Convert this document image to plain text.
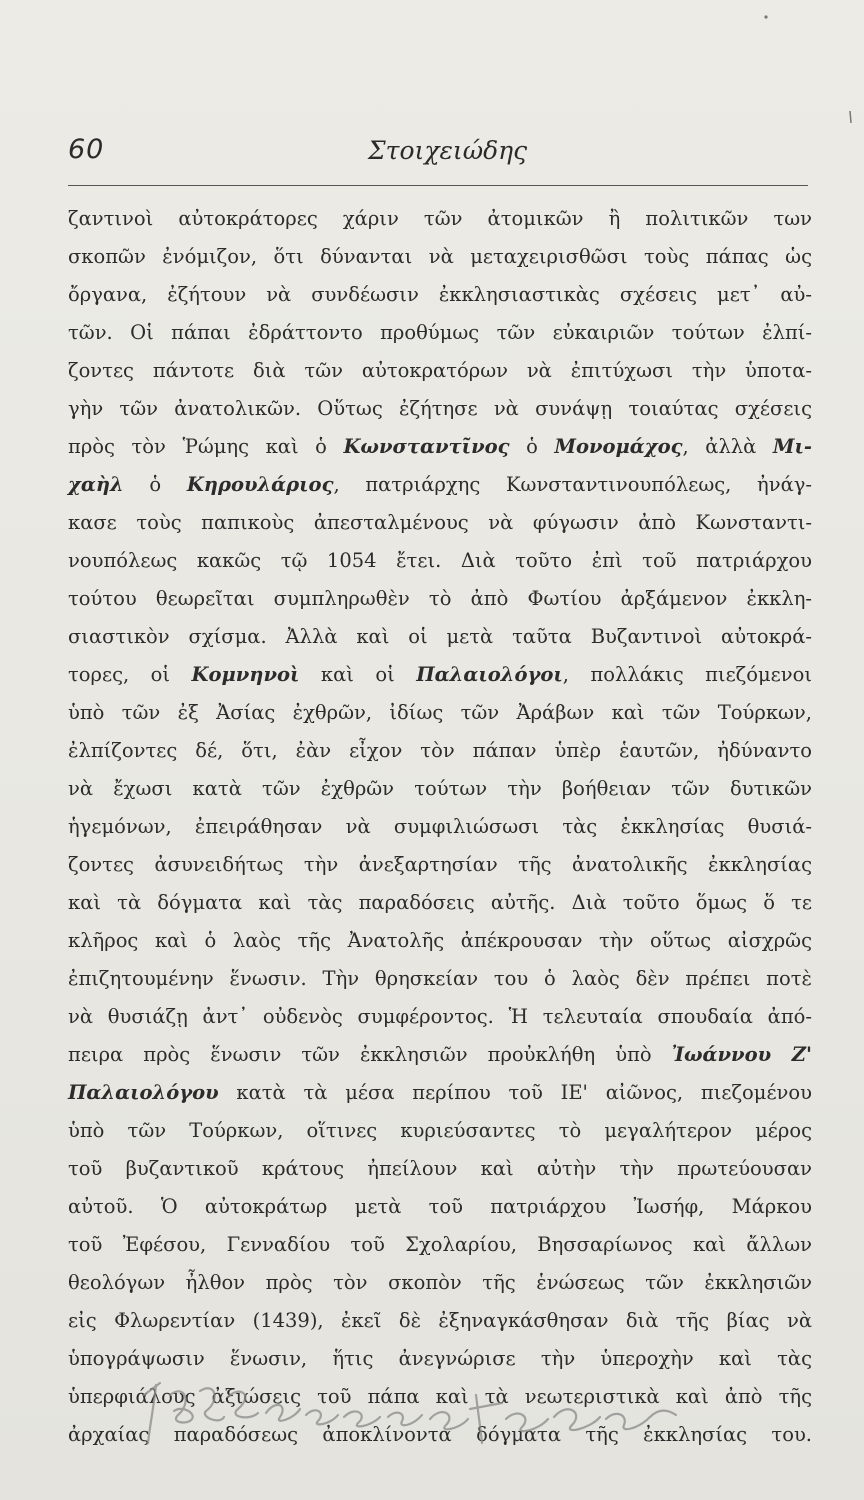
60	Στοιχειώδης
ζαντινοὶ αὐτοκράτορες χάριν τῶν ἀτομικῶν ἢ πολιτικῶν των
σκοπῶν ἐνόμιζον, ὅτι δύνανται νὰ μεταχειρισθῶσι τοὺς πάπας ὡς
ὄργανα, ἐζήτουν νὰ συνδέωσιν ἐκκλησιαστικὰς σχέσεις μετ᾽ αὐ-
τῶν. Οἱ πάπαι ἐδράττοντο προθύμως τῶν εὐκαιριῶν τούτων ἐλπί-
ζοντες πάντοτε διὰ τῶν αὐτοκρατόρων νὰ ἐπιτύχωσι τὴν ὑποτα-
γὴν τῶν ἀνατολικῶν. Οὕτως ἐζήτησε νὰ συνάψῃ τοιαύτας σχέσεις
πρὸς τὸν Ῥώμης καὶ ὁ Κωνσταντῖνος ὁ Μονομάχος, ἀλλὰ Μι-
χαὴλ ὁ Κηρουλάριος, πατριάρχης Κωνσταντινουπόλεως, ἠνάγ-
κασε τοὺς παπικοὺς ἀπεσταλμένους νὰ φύγωσιν ἀπὸ Κωνσταντι-
νουπόλεως κακῶς τῷ 1054 ἔτει. Διὰ τοῦτο ἐπὶ τοῦ πατριάρχου
τούτου θεωρεῖται συμπληρωθὲν τὸ ἀπὸ Φωτίου ἀρξάμενον ἐκκλη-
σιαστικὸν σχίσμα. Ἀλλὰ καὶ οἱ μετὰ ταῦτα Βυζαντινοὶ αὐτοκρά-
τορες, οἱ Κομνηνοὶ καὶ οἱ Παλαιολόγοι, πολλάκις πιεζόμενοι
ὑπὸ τῶν ἐξ Ἀσίας ἐχθρῶν, ἰδίως τῶν Ἀράβων καὶ τῶν Τούρκων,
ἐλπίζοντες δέ, ὅτι, ἐὰν εἶχον τὸν πάπαν ὑπὲρ ἑαυτῶν, ἠδύναντο
νὰ ἔχωσι κατὰ τῶν ἐχθρῶν τούτων τὴν βοήθειαν τῶν δυτικῶν
ἡγεμόνων, ἐπειράθησαν νὰ συμφιλιώσωσι τὰς ἐκκλησίας θυσιά-
ζοντες ἀσυνειδήτως τὴν ἀνεξαρτησίαν τῆς ἀνατολικῆς ἐκκλησίας
καὶ τὰ δόγματα καὶ τὰς παραδόσεις αὐτῆς. Διὰ τοῦτο ὅμως ὅ τε
κλῆρος καὶ ὁ λαὸς τῆς Ἀνατολῆς ἀπέκρουσαν τὴν οὕτως αἰσχρῶς
ἐπιζητουμένην ἕνωσιν. Τὴν θρησκείαν του ὁ λαὸς δὲν πρέπει ποτὲ
νὰ θυσιάζῃ ἀντ᾽ οὐδενὸς συμφέροντος. Ἡ τελευταία σπουδαία ἀπό-
πειρα πρὸς ἕνωσιν τῶν ἐκκλησιῶν προὐκλήθη ὑπὸ Ἰωάννου Ζ'
Παλαιολόγου κατὰ τὰ μέσα περίπου τοῦ ΙΕ' αἰῶνος, πιεζομένου
ὑπὸ τῶν Τούρκων, οἵτινες κυριεύσαντες τὸ μεγαλήτερον μέρος
τοῦ βυζαντικοῦ κράτους ἠπείλουν καὶ αὐτὴν τὴν πρωτεύουσαν
αὐτοῦ. Ὁ αὐτοκράτωρ μετὰ τοῦ πατριάρχου Ἰωσήφ, Μάρκου
τοῦ Ἐφέσου, Γενναδίου τοῦ Σχολαρίου, Βησσαρίωνος καὶ ἄλλων
θεολόγων ἦλθον πρὸς τὸν σκοπὸν τῆς ἑνώσεως τῶν ἐκκλησιῶν
εἰς Φλωρεντίαν (1439), ἐκεῖ δὲ ἐξηναγκάσθησαν διὰ τῆς βίας νὰ
ὑπογράψωσιν ἕνωσιν, ἥτις ἀνεγνώρισε τὴν ὑπεροχὴν καὶ τὰς
ὑπερφιάλους ἀξιώσεις τοῦ πάπα καὶ τὰ νεωτεριστικὰ καὶ ἀπὸ τῆς
ἀρχαίας παραδόσεως ἀποκλίνοντα δόγματα τῆς ἐκκλησίας του.
